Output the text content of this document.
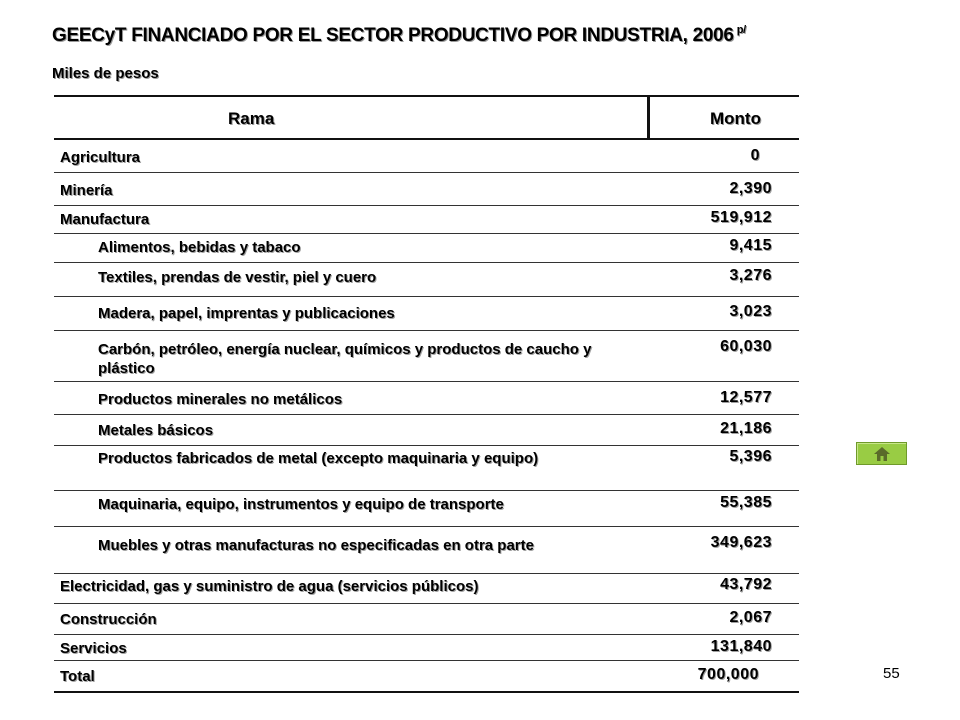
GEECyT FINANCIADO POR EL SECTOR PRODUCTIVO POR INDUSTRIA, 2006 $^{p/}$
Miles de pesos
Rama	Monto
Agricultura
Minería
Manufactura
Alimentos, bebidas y tabaco
Textiles, prendas de vestir, piel y cuero
Madera, papel, imprentas y publicaciones
Carbón, petróleo, energía nuclear, químicos y productos de caucho y plástico
Productos minerales no metálicos
Metales básicos
Productos fabricados de metal (excepto maquinaria y equipo)
Maquinaria, equipo, instrumentos y equipo de transporte
Muebles y otras manufacturas no especificadas en otra parte
Electricidad, gas y suministro de agua (servicios públicos)
Construcción
Servicios
Total
0
2,390
519,912
9,415
3,276
3,023
60,030
12,577
21,186
5,396
55,385
349,623
43,792
2,067
131,840
700,000	55
